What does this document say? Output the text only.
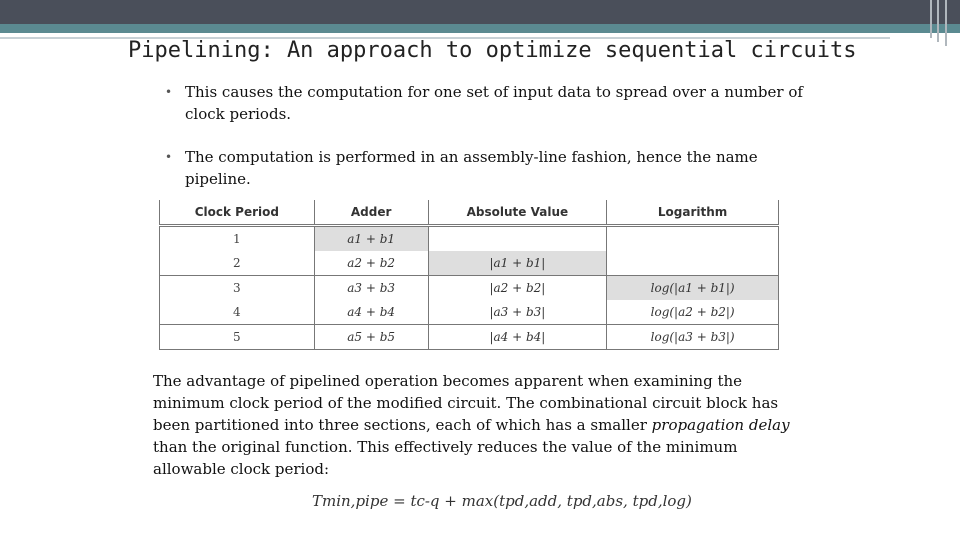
Pipelining: An approach to optimize sequential circuits
• This causes the computation for one set of input data to spread over a number of clock periods.
• The computation is performed in an assembly-line fashion, hence the name pipeline.
Clock Period	Adder	Absolute Value	Logarithm
1	a1 + b1		
2	a2 + b2	|a1 + b1|	
3	a3 + b3	|a2 + b2|	log(|a1 + b1|)
4	a4 + b4	|a3 + b3|	log(|a2 + b2|)
5	a5 + b5	|a4 + b4|	log(|a3 + b3|)
The advantage of pipelined operation becomes apparent when examining the minimum clock period of the modified circuit. The combinational circuit block has been partitioned into three sections, each of which has a smaller propagation delay than the original function. This effectively reduces the value of the minimum allowable clock period:
Tmin,pipe = tc-q + max(tpd,add, tpd,abs, tpd,log)
